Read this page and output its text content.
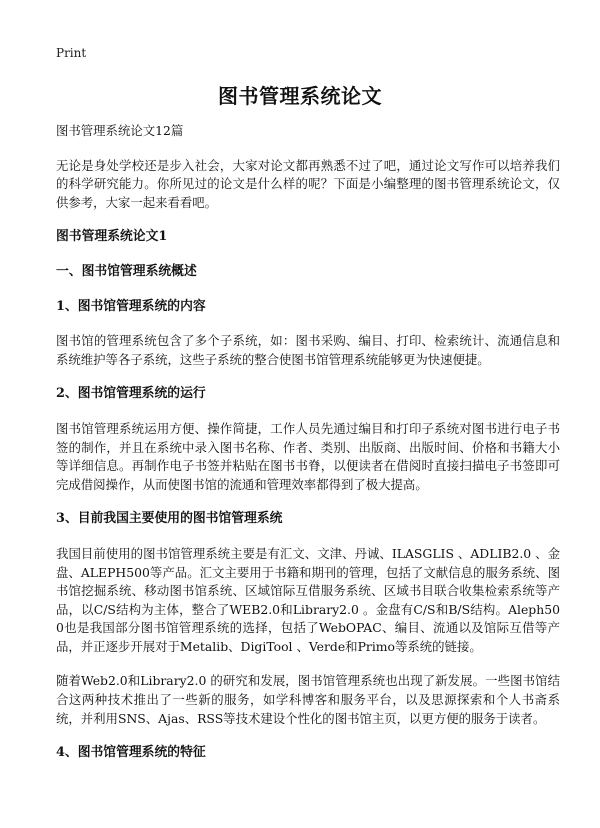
Print
图书管理系统论文

图书管理系统论文12篇

无论是身处学校还是步入社会，大家对论文都再熟悉不过了吧，通过论文写作可以培养我们的科学研究能力。你所见过的论文是什么样的呢？下面是小编整理的图书管理系统论文，仅供参考，大家一起来看看吧。

图书管理系统论文1

一、图书馆管理系统概述

1、图书馆管理系统的内容

图书馆的管理系统包含了多个子系统，如：图书采购、编目、打印、检索统计、流通信息和系统维护等各子系统，这些子系统的整合使图书馆管理系统能够更为快速便捷。

2、图书馆管理系统的运行

图书馆管理系统运用方便、操作简捷，工作人员先通过编目和打印子系统对图书进行电子书签的制作，并且在系统中录入图书名称、作者、类别、出版商、出版时间、价格和书籍大小等详细信息。再制作电子书签并粘贴在图书书脊，以便读者在借阅时直接扫描电子书签即可完成借阅操作，从而使图书馆的流通和管理效率都得到了极大提高。

3、目前我国主要使用的图书馆管理系统

我国目前使用的图书馆管理系统主要是有汇文、文津、丹诚、ILASGLIS 、ADLIB2.0 、金盘、ALEPH500等产品。汇文主要用于书籍和期刊的管理，包括了文献信息的服务系统、图书馆挖掘系统、移动图书馆系统、区域馆际互借服务系统、区域书目联合收集检索系统等产品，以C/S结构为主体，整合了WEB2.0和Library2.0 。金盘有C/S和B/S结构。Aleph500也是我国部分图书馆管理系统的选择，包括了WebOPAC、编目、流通以及馆际互借等产品，并正逐步开展对于Metalib、DigiTool 、Verde和Primo等系统的链接。

随着Web2.0和Library2.0 的研究和发展，图书馆管理系统也出现了新发展。一些图书馆结合这两种技术推出了一些新的服务，如学科博客和服务平台，以及思源探索和个人书斋系统，并利用SNS、Ajas、RSS等技术建设个性化的图书馆主页，以更方便的服务于读者。

4、图书馆管理系统的特征
